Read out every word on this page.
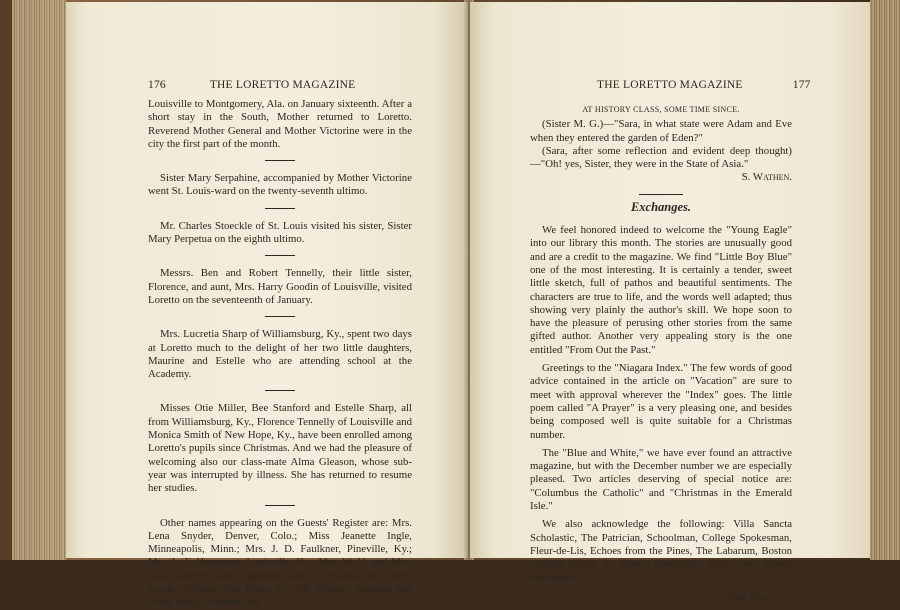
176	THE LORETTO MAGAZINE

Louisville to Montgomery, Ala. on January sixteenth. After a short stay in the South, Mother returned to Loretto. Reverend Mother General and Mother Victorine were in the city the first part of the month.

Sister Mary Serpahine, accompanied by Mother Victorine went St. Louis-ward on the twenty-seventh ultimo.

Mr. Charles Stoeckle of St. Louis visited his sister, Sister Mary Perpetua on the eighth ultimo.

Messrs. Ben and Robert Tennelly, their little sister, Florence, and aunt, Mrs. Harry Goodin of Louisville, visited Loretto on the seventeenth of January.

Mrs. Lucretia Sharp of Williamsburg, Ky., spent two days at Loretto much to the delight of her two little daughters, Maurine and Estelle who are attending school at the Academy.

Misses Otie Miller, Bee Stanford and Estelle Sharp, all from Williamsburg, Ky., Florence Tennelly of Louisville and Monica Smith of New Hope, Ky., have been enrolled among Loretto's pupils since Christmas. And we had the pleasure of welcoming also our class-mate Alma Gleason, whose sub-year was interrupted by illness. She has returned to resume her studies.

Other names appearing on the Guests' Register are: Mrs. Lena Snyder, Denver, Colo.; Miss Jeanette Ingle, Minneapolis, Minn.; Mrs. J. D. Faulkner, Pineville, Ky.; Mrs. L. F. Herrmann, Louisville, Ky.; Mrs. W. H. and Miss Cora Wathen, and Catherine Abell, Lebanon, Ky.; Mrs. Lizzie O'Bryan, New Hope, Ky.; Mr. Wallace Spalding and sister, Irene, Lebanon, Ky.

THE LORETTO MAGAZINE	177
AT HISTORY CLASS, SOME TIME SINCE.

(Sister M. G.)—"Sara, in what state were Adam and Eve when they entered the garden of Eden?"

(Sara, after some reflection and evident deep thought)—"Oh! yes, Sister, they were in the State of Asia."

S. Wathen.

Exchanges.

We feel honored indeed to welcome the "Young Eagle" into our library this month. The stories are unusually good and are a credit to the magazine. We find "Little Boy Blue" one of the most interesting. It is certainly a tender, sweet little sketch, full of pathos and beautiful sentiments. The characters are true to life, and the words well adapted; thus showing very plainly the author's skill. We hope soon to have the pleasure of perusing other stories from the same gifted author. Another very appealing story is the one entitled "From Out the Past."

Greetings to the "Niagara Index." The few words of good advice contained in the article on "Vacation" are sure to meet with approval wherever the "Index" goes. The little poem called "A Prayer" is a very pleasing one, and besides being composed well is quite suitable for a Christmas number.

The "Blue and White," we have ever found an attractive magazine, but with the December number we are especially pleased. Two articles deserving of special notice are: "Columbus the Catholic" and "Christmas in the Emerald Isle."

We also acknowledge the following: Villa Sancta Scholastic, The Patrician, Schoolman, College Spokesman, Fleur-de-Lis, Echoes from the Pines, The Labarum, Boston College Stylus, St. Mary's Messenger, Holy Cross Purple and others.

June Sale, '13.
